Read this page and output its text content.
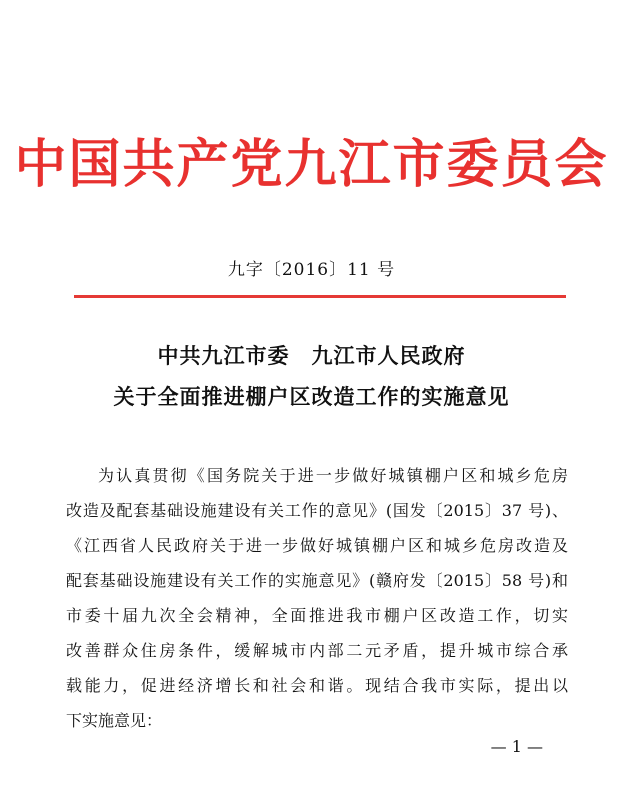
中国共产党九江市委员会
九字〔2016〕11 号
中共九江市委　九江市人民政府
关于全面推进棚户区改造工作的实施意见
为认真贯彻《国务院关于进一步做好城镇棚户区和城乡危房
改造及配套基础设施建设有关工作的意见》(国发〔2015〕37 号)、
《江西省人民政府关于进一步做好城镇棚户区和城乡危房改造及
配套基础设施建设有关工作的实施意见》(赣府发〔2015〕58 号)和
市委十届九次全会精神，全面推进我市棚户区改造工作，切实
改善群众住房条件，缓解城市内部二元矛盾，提升城市综合承
载能力，促进经济增长和社会和谐。现结合我市实际，提出以
下实施意见：
— 1 —
